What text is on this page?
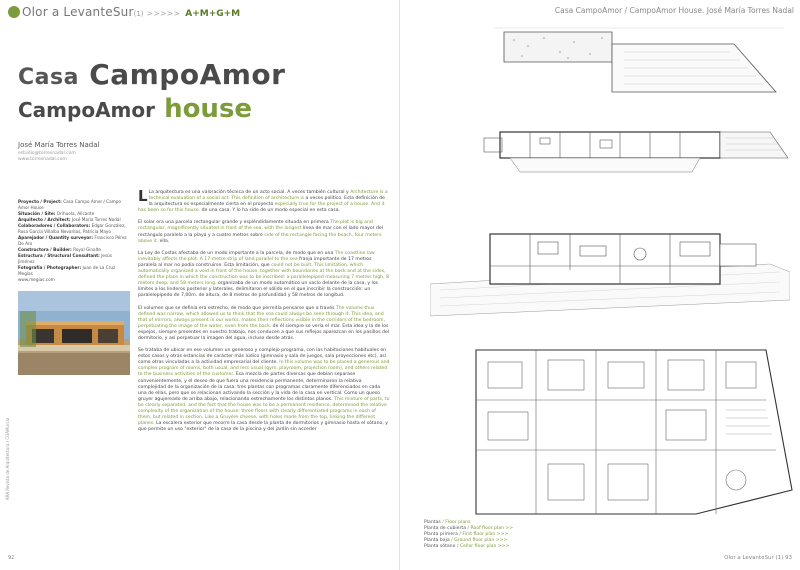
Olor a LevanteSur(1) >>>>> A+M+G+M
Casa CampoAmor
CampoAmor house
José María Torres Nadal
estudio@torresnadal.com
www.torresnadal.com
Proyecto / Project: Casa Campo Amor / Campo Amor House
Situación / Site: Orihuela, Alicante
Arquitecto / Architect: José María Torres Nadal
Colaboradores / Collaborators: Edgar González, Rosa García Villalba Nevarilas, Patricia Mayo
Aparejador / Quantity surveyor: Francisco Pérez De Aro
Constructora / Builder: Royal Ginalte
Estructura / Structural Consultant: Jesús Jiménez
Fotografía / Photographer: Juan de La Cruz Megías
www.megias.com

L La arquitectura es una valoración técnica de un acto social. A veces también cultural y Architecture is a technical evaluation of a social act. This definition of architecture is a veces político. Esta definición de la arquitectura es especialmente cierta en el proyecto especially true for the project of a house. And it has been so for this house. de una casa. Y lo ha sido de un modo especial en esta casa.

El solar era una parcela rectangular grande y espléndidamente situada en primera The plot is big and rectangular, magnificently situated in front of the sea, with the longest línea de mar con el lado mayor del rectángulo paralelo a la playa y a cuatro metros sobre side of the rectangle facing the beach, four meters above it. ella.

La Ley de Costas afectaba de un modo importante a la parcela, de modo que en una The coastline law inevitably affects the plot. A 17-metre strip of land parallel to the sea franja importante de 17 metros paralela al mar no podía construirse. Esta limitación, que could not be built. This limitation, which automatically organized a void in front of the house, together with boundaries at the back and at the sides, defined the place in which the construction was to be inscribed: a parallelepiped measuring 7 metres high, 8 meters deep, and 58 meters long. organizaba de un modo automático un vacío delante de la casa, y los límites a los linderos posterior y laterales, delimitaron el sólido en el que inscribir la construcción: un paralelepípedo de 7,00m. de altura, de 8 metros de profundidad y 58 metros de longitud.

El volumen que se definía era estrecho, de modo que permitía pensarse que a través The volume thus defined was narrow, which allowed us to think that the sea could always be seen through it. This idea, and that of mirrors, always present in our works, makes their reflections visible in the corridors of the bedroom, perpetuating the image of the water, even from the back. de él siempre se vería el mar. Esta idea y la de los espejos, siempre presentes en nuestro trabajo, nos conducen a que sus reflejos aparezcan en los pasillos del dormitorio, y así perpetuar la imagen del agua, incluso desde atrás.

Se trataba de ubicar en ese volumen un generoso y complejo programa, con las habitaciones habituales en estos casos y otras estancias de carácter más lúdico (gimnasio y sala de juegos, sala proyecciones etc), así como otras vinculadas a la actividad empresarial del cliente. In this volume was to be placed a generous and complex program of rooms, both usual, and less usual (gym, playroom, projection room), and others related to the business activities of the customer. Esa mezcla de partes diversas que debían separase convenientemente, y el deseo de que fuera una residencia permanente, determinaron la relativa complejidad de la organización de la casa: tres plantas con programas claramente diferenciados en cada una de ellas, pero que se relacionan activando la sección y la vida de la casa en vertical. Como un queso gruyer agujereado de arriba abajo, relacionando estrechamente los distintos planos. This mixture of parts, to be clearly separated, and the fact that the house was to be a permanent residence, determined the relative complexity of the organization of the house: three floors with clearly differentiated programs in each of them, but related in section. Like a Gruyère cheese, with holes made from the top, linking the different planes. La escalera exterior que recorre la casa desde la planta de dormitorios y gimnasio hasta el sótano, y que permite un uso "exterior" de la casa de la piscina y del jardín sin acceder

ARA Revista de Arquitectura / COAMurcia
92
Casa CampoAmor / CampoAmor House. José María Torres Nadal
Olor a LevanteSur (1) 93
Plantas / Floor plans
Planta de cubierta / Roof floor plan >>
Planta primera / First floor plan >>>
Planta baja / Ground floor plan >>>
Planta sótano / Cellar floor plan >>>
